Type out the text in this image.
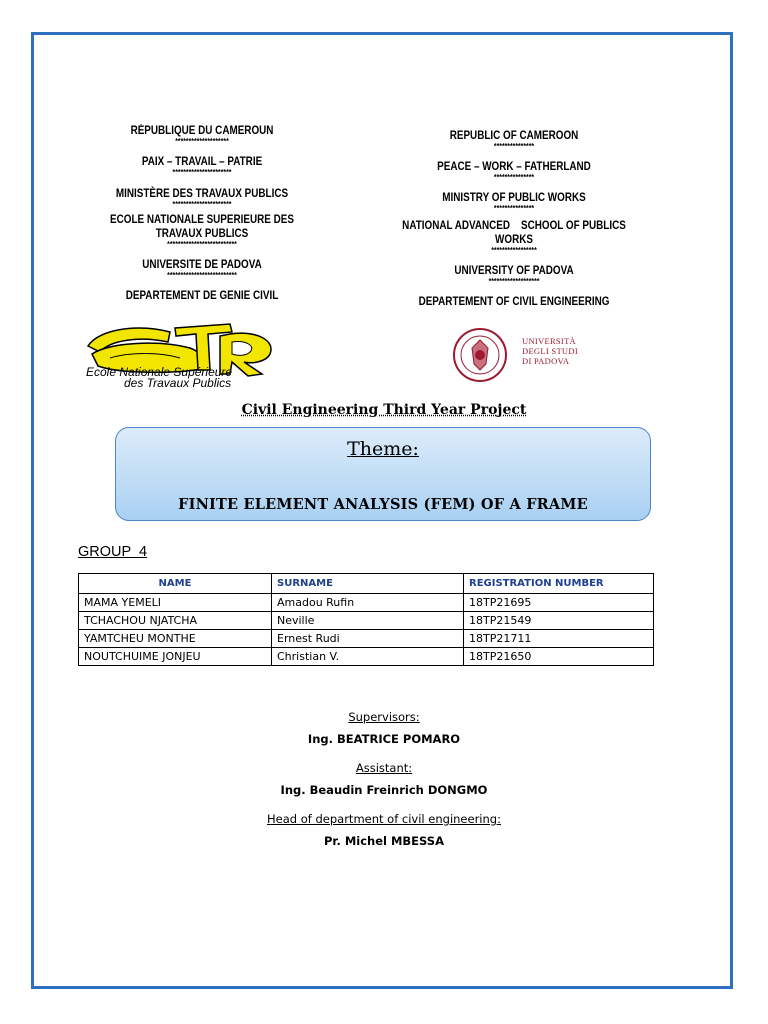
RÉPUBLIQUE DU CAMEROUN
********************
PAIX – TRAVAIL – PATRIE
**********************
MINISTÈRE DES TRAVAUX PUBLICS
**********************
ECOLE NATIONALE SUPERIEURE DES
TRAVAUX PUBLICS
**************************
UNIVERSITE DE PADOVA
**************************
DEPARTEMENT DE GENIE CIVIL
REPUBLIC OF CAMEROON
***************
PEACE – WORK – FATHERLAND
***************
MINISTRY OF PUBLIC WORKS
***************
NATIONAL ADVANCED    SCHOOL OF PUBLICS
WORKS
*****************
UNIVERSITY OF PADOVA
*******************
DEPARTEMENT OF CIVIL ENGINEERING
Ecole Nationale Supérieure
des Travaux Publics
UNIVERSITÀ
DEGLI STUDI
DI PADOVA
Civil Engineering Third Year Project
Theme:
FINITE ELEMENT ANALYSIS (FEM) OF A FRAME
GROUP  4
NAME	SURNAME	REGISTRATION NUMBER
MAMA YEMELI	Amadou Rufin	18TP21695
TCHACHOU NJATCHA	Neville	18TP21549
YAMTCHEU MONTHE	Ernest Rudi	18TP21711
NOUTCHUIME JONJEU	Christian V.	18TP21650
Supervisors:
Ing. BEATRICE POMARO
Assistant:
Ing. Beaudin Freinrich DONGMO
Head of department of civil engineering:
Pr. Michel MBESSA
